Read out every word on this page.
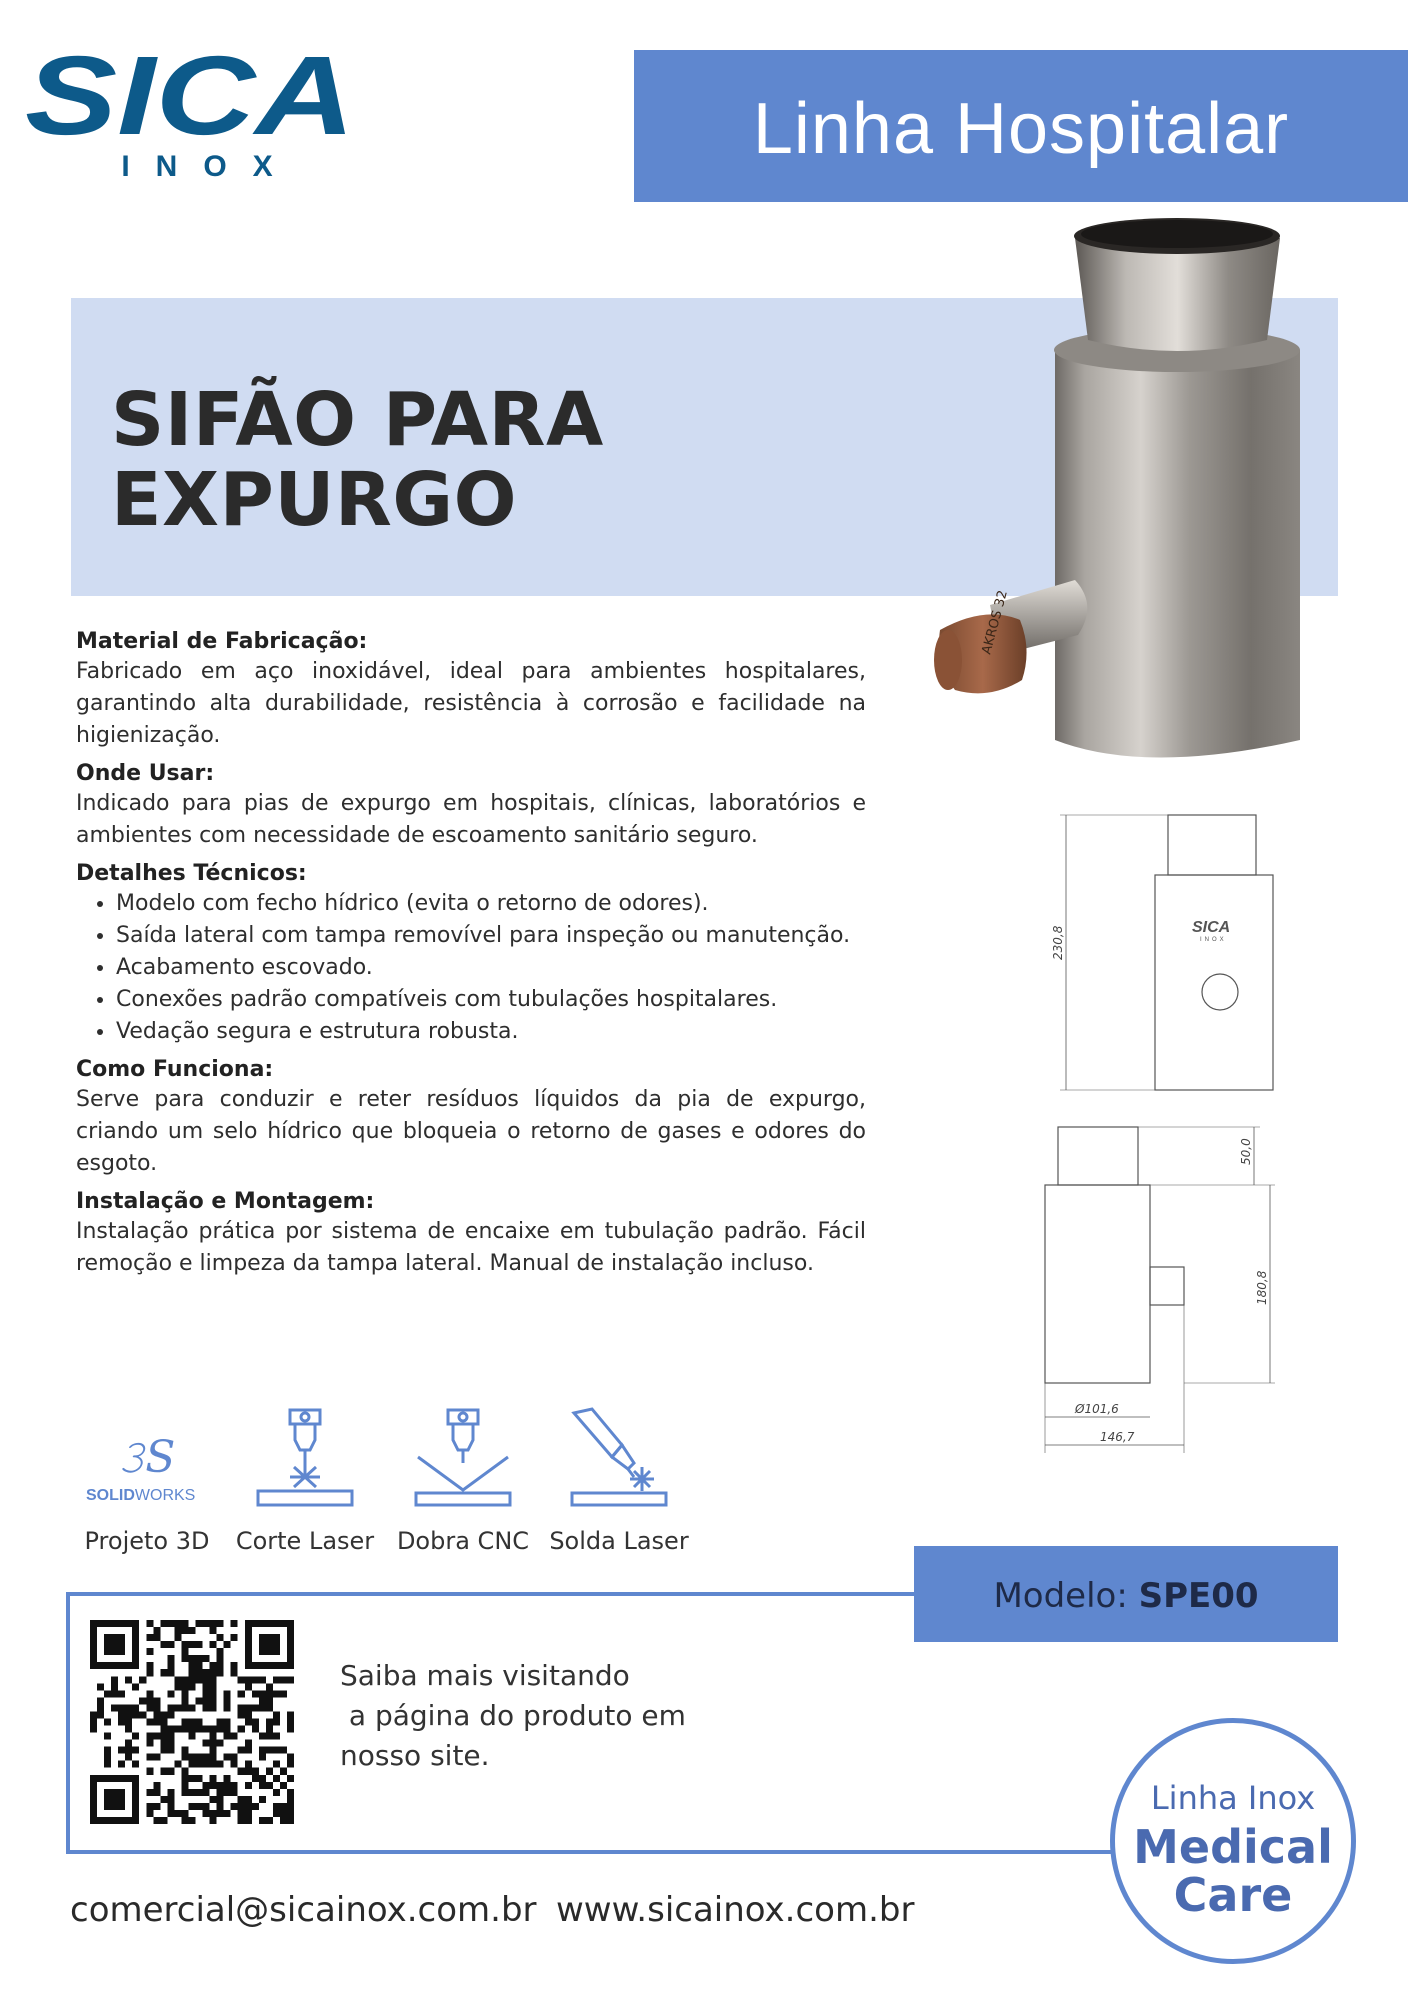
SICA
INOX	Linha Hospitalar
SIFÃO PARA
EXPURGO
AKROS 32

Material de Fabricação:

Fabricado em aço inoxidável, ideal para ambientes hospitalares, garantindo alta durabilidade, resistência à corrosão e facilidade na higienização.

Onde Usar:

Indicado para pias de expurgo em hospitais, clínicas, laboratórios e ambientes com necessidade de escoamento sanitário seguro.

Detalhes Técnicos:

• Modelo com fecho hídrico (evita o retorno de odores).
• Saída lateral com tampa removível para inspeção ou manutenção.
• Acabamento escovado.
• Conexões padrão compatíveis com tubulações hospitalares.
• Vedação segura e estrutura robusta.

Como Funciona:

Serve para conduzir e reter resíduos líquidos da pia de expurgo, criando um selo hídrico que bloqueia o retorno de gases e odores do esgoto.

Instalação e Montagem:

Instalação prática por sistema de encaixe em tubulação padrão. Fácil remoção e limpeza da tampa lateral. Manual de instalação incluso.

230,8	SICA
INOX
50,0
180,8
Ø101,6
146,7
𝟹S
SOLIDWORKS
Projeto 3D	Corte Laser Dobra CNC Solda Laser
Modelo: SPE00
Saiba mais visitando
a página do produto em
nosso site.
Linha Inox
Medical
Care
comercial@sicainox.com.br www.sicainox.com.br
